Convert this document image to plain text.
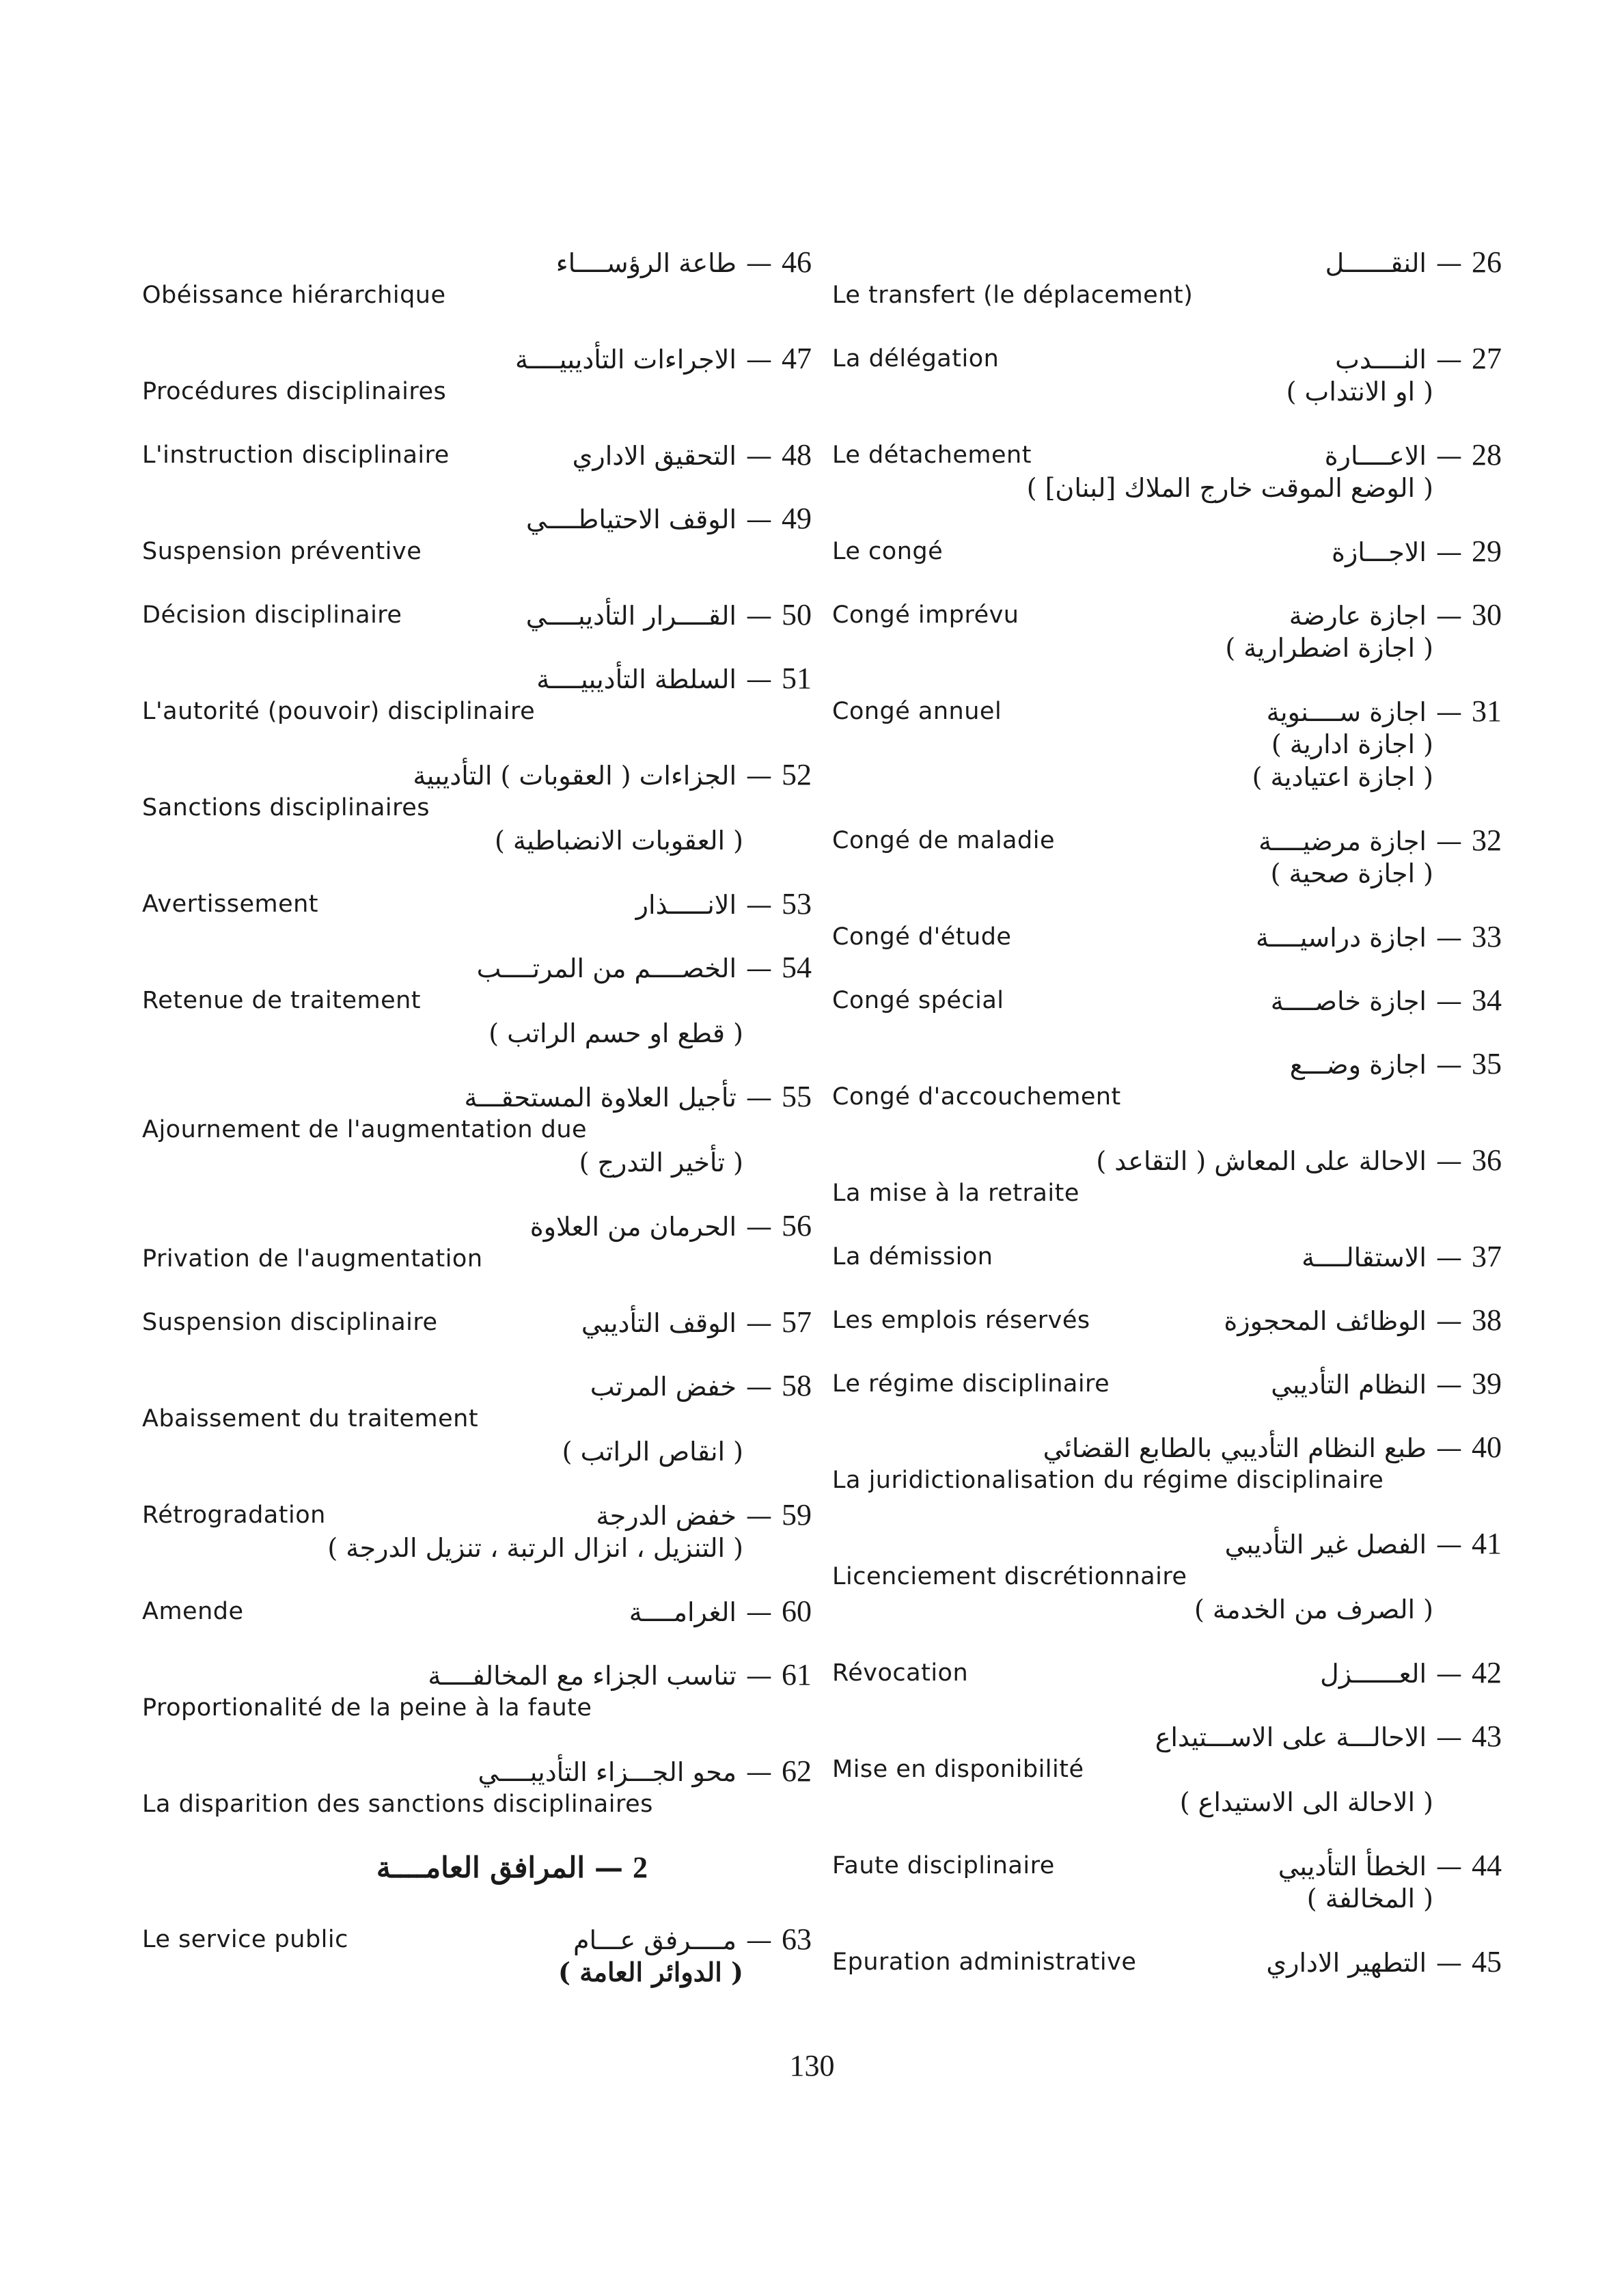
26—النقــــــل
Le transfert (le déplacement)
La délégation	27—النــــدب
( او الانتداب )
Le détachement	28—الاعــــارة
( الوضع الموقت خارج الملاك [لبنان] )
Le congé	29—الاجـــازة
Congé imprévu	30—اجازة عارضة
( اجازة اضطرارية )
Congé annuel	31—اجازة ســــنوية
( اجازة ادارية )
( اجازة اعتيادية )
Congé de maladie	32—اجازة مرضيــــة
( اجازة صحية )
Congé d'étude	33—اجازة دراسيــــة
Congé spécial	34—اجازة خاصــــة
35—اجازة وضـــع
Congé d'accouchement
36—الاحالة على المعاش ( التقاعد )
La mise à la retraite
La démission	37—الاستقالــــة
Les emplois réservés	38—الوظائف المحجوزة
Le régime disciplinaire	39—النظام التأديبي
40—طبع النظام التأديبي بالطابع القضائي
La juridictionalisation du régime disciplinaire
41—الفصل غير التأديبي
Licenciement discrétionnaire
( الصرف من الخدمة )
Révocation	42—العــــــزل
43—الاحالـــة على الاســـتيداع
Mise en disponibilité
( الاحالة الى الاستيداع )
Faute disciplinaire	44—الخطأ التأديبي
( المخالفة )
Epuration administrative	45—التطهير الاداري
46—طاعة الرؤســــاء
Obéissance hiérarchique
47—الاجراءات التأديبيــــة
Procédures disciplinaires
L'instruction disciplinaire	48—التحقيق الاداري
49—الوقف الاحتياطــــي
Suspension préventive
Décision disciplinaire	50—القــــرار التأديبــــي
51—السلطة التأديبيــــة
L'autorité (pouvoir) disciplinaire
52—الجزاءات ( العقوبات ) التأديبية
Sanctions disciplinaires
( العقوبات الانضباطية )
Avertissement	53—الانـــــذار
54—الخصــــم من المرتــــب
Retenue de traitement
( قطع او حسم الراتب )
55—تأجيل العلاوة المستحقـــة
Ajournement de l'augmentation due
( تأخير التدرج )
56—الحرمان من العلاوة
Privation de l'augmentation
Suspension disciplinaire	57—الوقف التأديبي
58—خفض المرتب
Abaissement du traitement
( انقاص الراتب )
Rétrogradation	59—خفض الدرجة
( التنزيل ، انزال الرتبة ، تنزيل الدرجة )
Amende	60—الغرامــــة
61—تناسب الجزاء مع المخالفــــة
Proportionalité de la peine à la faute
62—محو الجـــزاء التأديبــــي
La disparition des sanctions disciplinaires
2—المرافق العامــــة
Le service public	63—مــــرفق عـــام
( الدوائر العامة )
130
